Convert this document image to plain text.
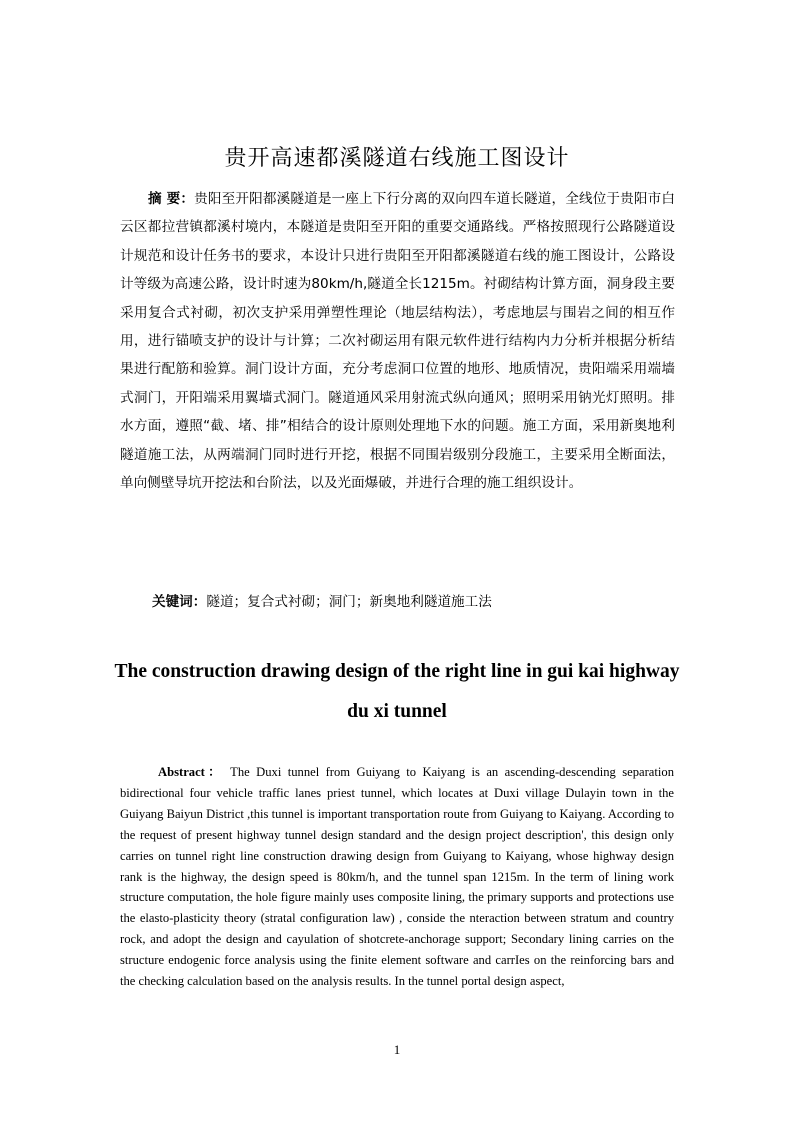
贵开高速都溪隧道右线施工图设计
摘 要：贵阳至开阳都溪隧道是一座上下行分离的双向四车道长隧道，全线位于贵阳市白云区都拉营镇都溪村境内，本隧道是贵阳至开阳的重要交通路线。严格按照现行公路隧道设计规范和设计任务书的要求，本设计只进行贵阳至开阳都溪隧道右线的施工图设计，公路设计等级为高速公路，设计时速为80km/h,隧道全长1215m。衬砌结构计算方面，洞身段主要采用复合式衬砌，初次支护采用弹塑性理论（地层结构法），考虑地层与围岩之间的相互作用，进行锚喷支护的设计与计算；二次衬砌运用有限元软件进行结构内力分析并根据分析结果进行配筋和验算。洞门设计方面，充分考虑洞口位置的地形、地质情况，贵阳端采用端墙式洞门，开阳端采用翼墙式洞门。隧道通风采用射流式纵向通风；照明采用钠光灯照明。排水方面，遵照“截、堵、排”相结合的设计原则处理地下水的问题。施工方面，采用新奥地利隧道施工法，从两端洞门同时进行开挖，根据不同围岩级别分段施工，主要采用全断面法，单向侧壁导坑开挖法和台阶法，以及光面爆破，并进行合理的施工组织设计。
关键词：隧道；复合式衬砌；洞门；新奥地利隧道施工法
The construction drawing design of the right line in gui kai highway du xi tunnel
Abstract： The Duxi tunnel from Guiyang to Kaiyang is an ascending-descending separation bidirectional four vehicle traffic lanes priest tunnel, which locates at Duxi village Dulayin town in the Guiyang Baiyun District ,this tunnel is important transportation route from Guiyang to Kaiyang. According to the request of present highway tunnel design standard and the design project description', this design only carries on tunnel right line construction drawing design from Guiyang to Kaiyang, whose highway design rank is the highway, the design speed is 80km/h, and the tunnel span 1215m. In the term of lining work structure computation, the hole figure mainly uses composite lining, the primary supports and protections use the elasto-plasticity theory (stratal configuration law) , conside the nteraction between stratum and country rock, and adopt the design and cayulation of shotcrete-anchorage support; Secondary lining carries on the structure endogenic force analysis using the finite element software and carrIes on the reinforcing bars and the checking calculation based on the analysis results. In the tunnel portal design aspect,
1
